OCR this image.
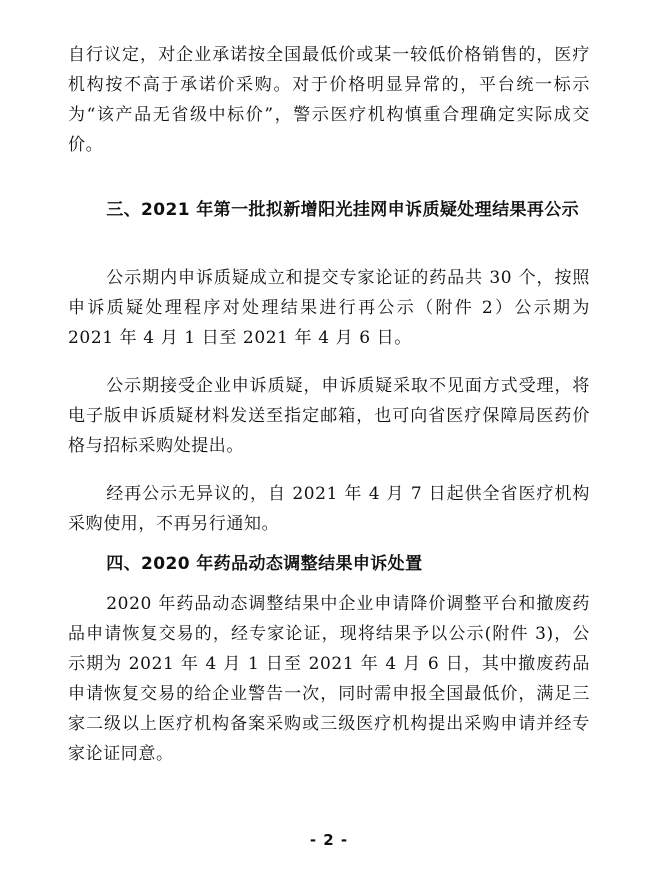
自行议定，对企业承诺按全国最低价或某一较低价格销售的，医疗机构按不高于承诺价采购。对于价格明显异常的，平台统一标示为“该产品无省级中标价”，警示医疗机构慎重合理确定实际成交价。

三、2021 年第一批拟新增阳光挂网申诉质疑处理结果再公示

公示期内申诉质疑成立和提交专家论证的药品共 30 个，按照申诉质疑处理程序对处理结果进行再公示（附件 2）公示期为 2021 年 4 月 1 日至 2021 年 4 月 6 日。

公示期接受企业申诉质疑，申诉质疑采取不见面方式受理，将电子版申诉质疑材料发送至指定邮箱，也可向省医疗保障局医药价格与招标采购处提出。

经再公示无异议的，自 2021 年 4 月 7 日起供全省医疗机构采购使用，不再另行通知。

四、2020 年药品动态调整结果申诉处置

2020 年药品动态调整结果中企业申请降价调整平台和撤废药品申请恢复交易的，经专家论证，现将结果予以公示(附件 3)，公示期为 2021 年 4 月 1 日至 2021 年 4 月 6 日，其中撤废药品申请恢复交易的给企业警告一次，同时需申报全国最低价，满足三家二级以上医疗机构备案采购或三级医疗机构提出采购申请并经专家论证同意。

- 2 -
